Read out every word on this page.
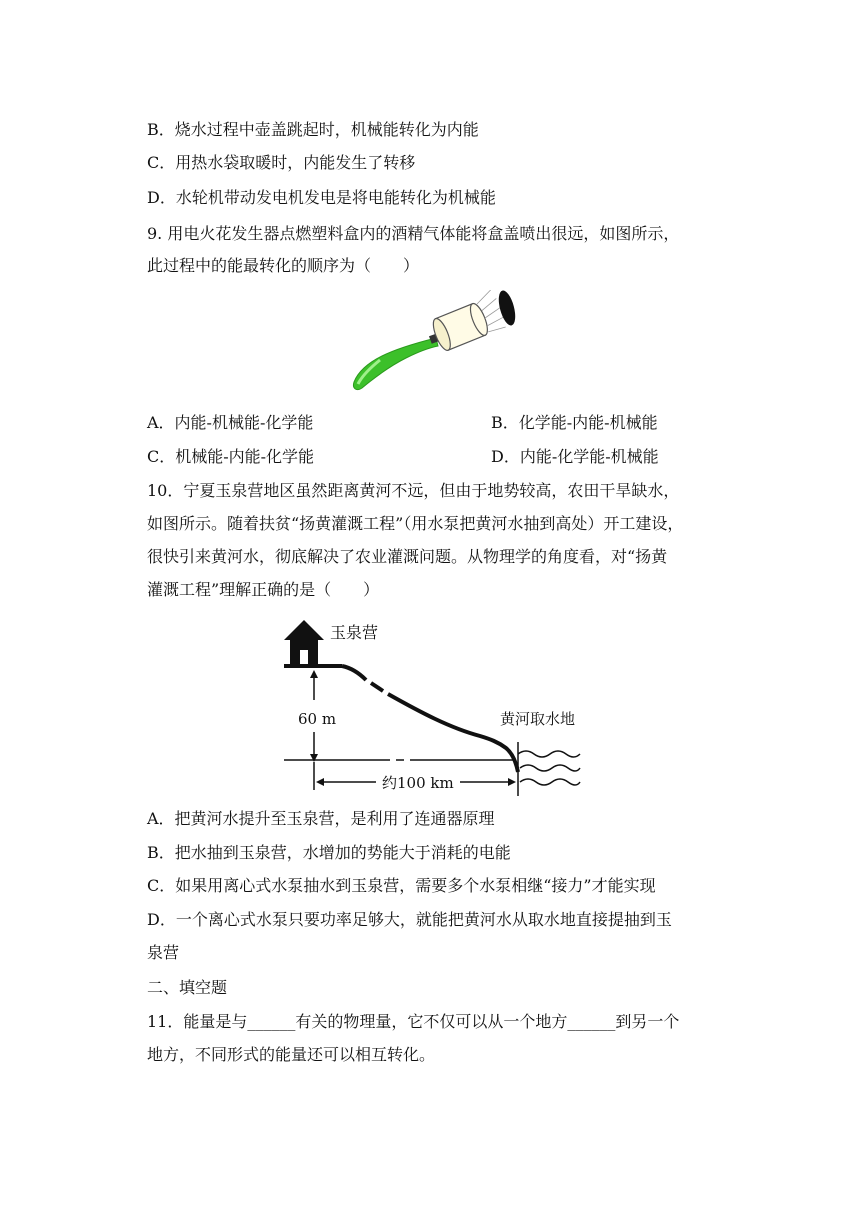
B．烧水过程中壶盖跳起时，机械能转化为内能
C．用热水袋取暖时，内能发生了转移
D．水轮机带动发电机发电是将电能转化为机械能
9. 用电火花发生器点燃塑料盒内的酒精气体能将盒盖喷出很远，如图所示，
此过程中的能最转化的顺序为（　　）
A．内能-机械能-化学能	B．化学能-内能-机械能
C．机械能-内能-化学能	D．内能-化学能-机械能
10．宁夏玉泉营地区虽然距离黄河不远，但由于地势较高，农田干旱缺水，
如图所示。随着扶贫“扬黄灌溉工程”（用水泵把黄河水抽到高处）开工建设，
很快引来黄河水，彻底解决了农业灌溉问题。从物理学的角度看，对“扬黄
灌溉工程”理解正确的是（　　）
玉泉营
60 m	黄河取水地
约100 km
A．把黄河水提升至玉泉营，是利用了连通器原理
B．把水抽到玉泉营，水增加的势能大于消耗的电能
C．如果用离心式水泵抽水到玉泉营，需要多个水泵相继“接力”才能实现
D．一个离心式水泵只要功率足够大，就能把黄河水从取水地直接提抽到玉
泉营
二、填空题
11．能量是与______有关的物理量，它不仅可以从一个地方______到另一个
地方，不同形式的能量还可以相互转化。
